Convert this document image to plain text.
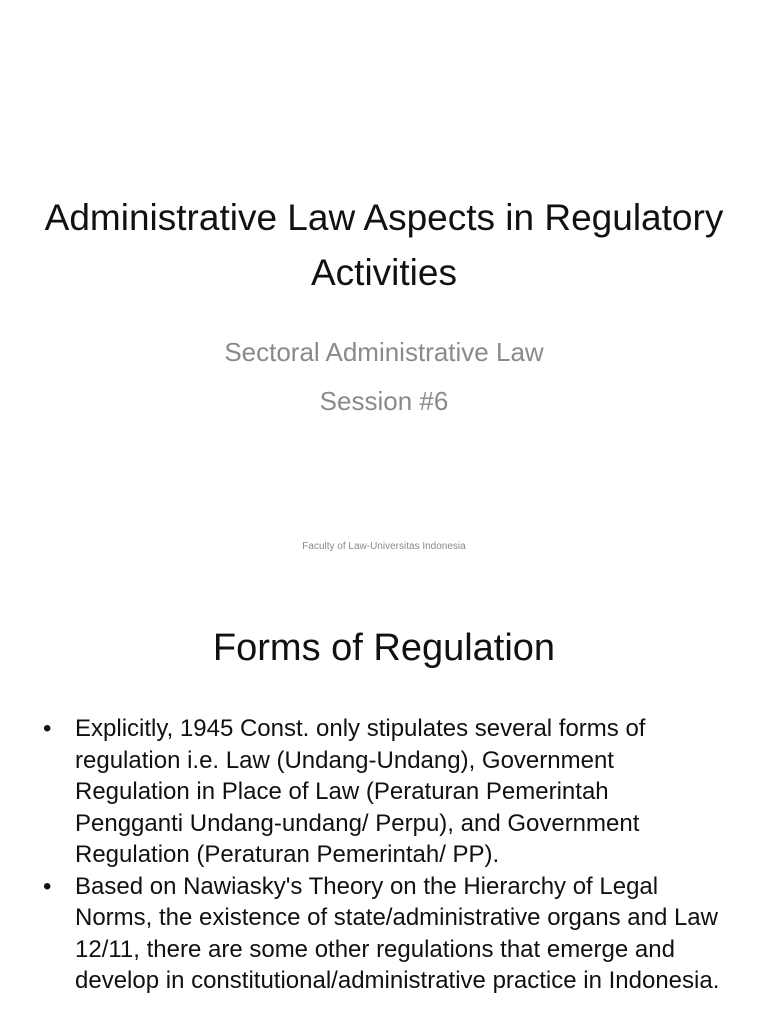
Administrative Law Aspects in Regulatory Activities
Sectoral Administrative Law
Session #6
Faculty of Law-Universitas Indonesia
Forms of Regulation
• Explicitly, 1945 Const. only stipulates several forms of regulation i.e. Law (Undang-Undang), Government Regulation in Place of Law (Peraturan Pemerintah Pengganti Undang-undang/ Perpu), and Government Regulation (Peraturan Pemerintah/ PP).
• Based on Nawiasky's Theory on the Hierarchy of Legal Norms, the existence of state/administrative organs and Law 12/11, there are some other regulations that emerge and develop in constitutional/administrative practice in Indonesia.
